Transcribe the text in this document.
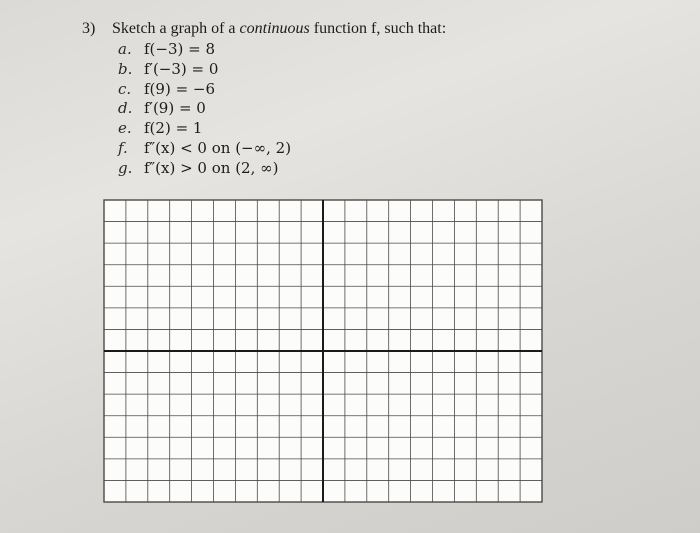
3) Sketch a graph of a continuous function f, such that:
a. f(−3) = 8
b. f′(−3) = 0
c. f(9) = −6
d. f′(9) = 0
e. f(2) = 1
f.	f″(x) < 0 on (−∞, 2)
g. f″(x) > 0 on (2, ∞)
